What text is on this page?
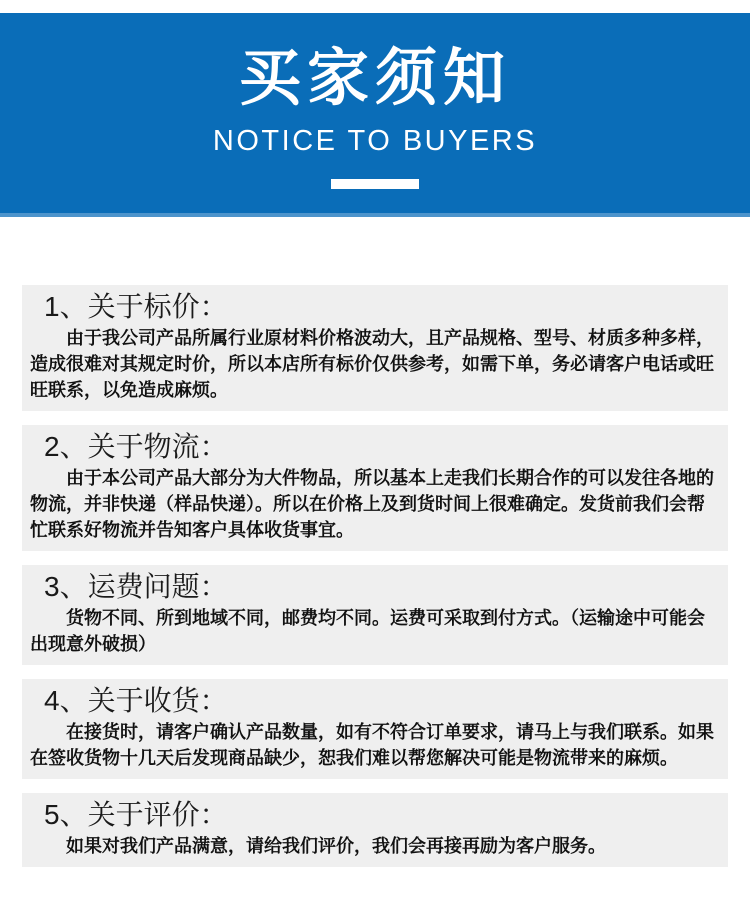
买家须知
NOTICE TO BUYERS
1、关于标价：

由于我公司产品所属行业原材料价格波动大，且产品规格、型号、材质多种多样，造成很难对其规定时价，所以本店所有标价仅供参考，如需下单，务必请客户电话或旺旺联系，以免造成麻烦。

2、关于物流：

由于本公司产品大部分为大件物品，所以基本上走我们长期合作的可以发往各地的物流，并非快递（样品快递）。所以在价格上及到货时间上很难确定。发货前我们会帮忙联系好物流并告知客户具体收货事宜。

3、运费问题：

货物不同、所到地域不同，邮费均不同。运费可采取到付方式。（运输途中可能会出现意外破损）

4、关于收货：

在接货时，请客户确认产品数量，如有不符合订单要求，请马上与我们联系。如果在签收货物十几天后发现商品缺少，恕我们难以帮您解决可能是物流带来的麻烦。

5、关于评价：

如果对我们产品满意，请给我们评价，我们会再接再励为客户服务。
